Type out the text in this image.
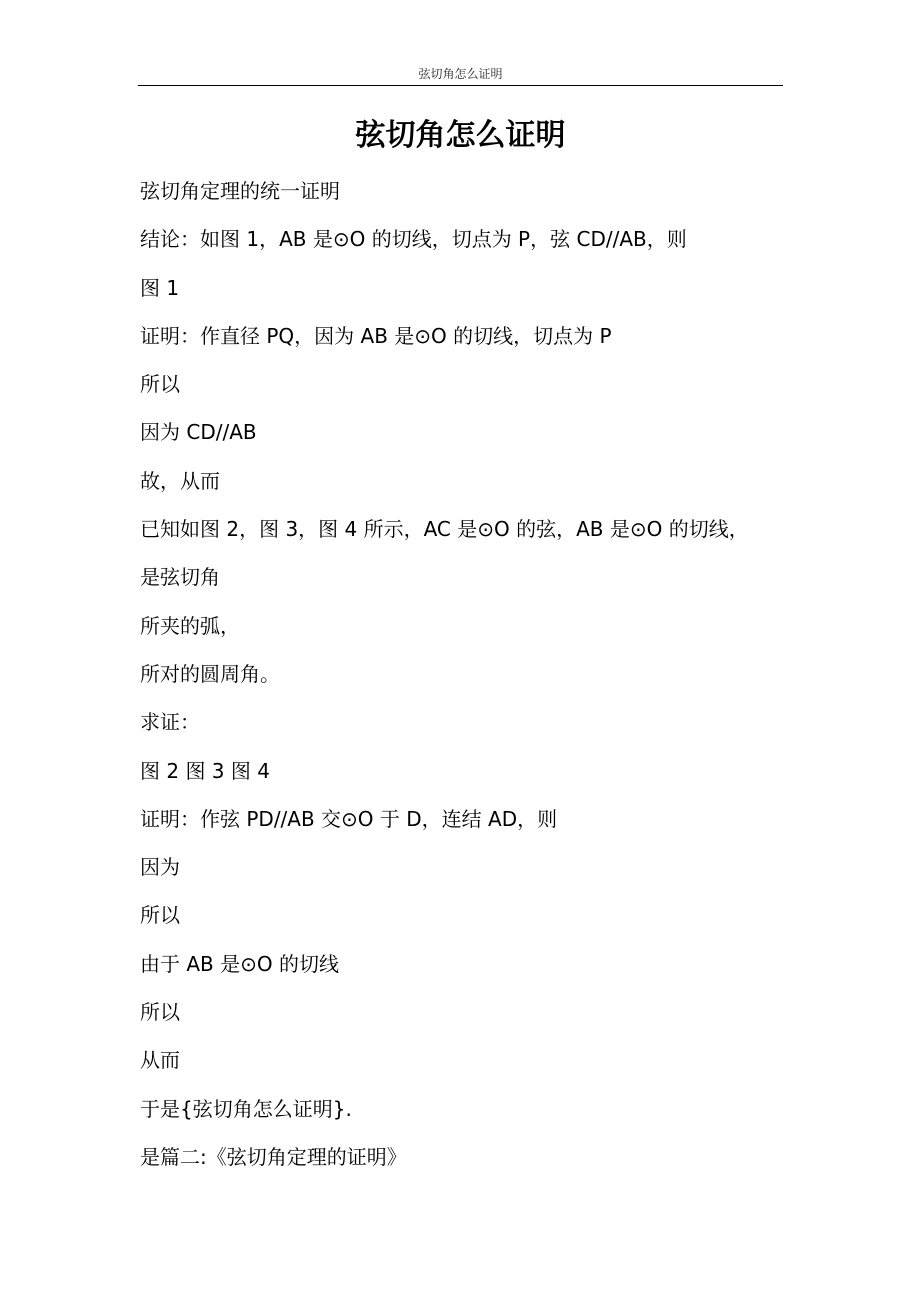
弦切角怎么证明
弦切角怎么证明

弦切角定理的统一证明

结论：如图 1，AB 是⊙O 的切线，切点为 P，弦 CD//AB，则

图 1

证明：作直径 PQ，因为 AB 是⊙O 的切线，切点为 P

所以

因为 CD//AB

故，从而

已知如图 2，图 3，图 4 所示，AC 是⊙O 的弦，AB 是⊙O 的切线，

是弦切角

所夹的弧，

所对的圆周角。

求证：

图 2 图 3 图 4

证明：作弦 PD//AB 交⊙O 于 D，连结 AD，则

因为

所以

由于 AB 是⊙O 的切线

所以

从而

于是{弦切角怎么证明}.

是篇二:《弦切角定理的证明》
